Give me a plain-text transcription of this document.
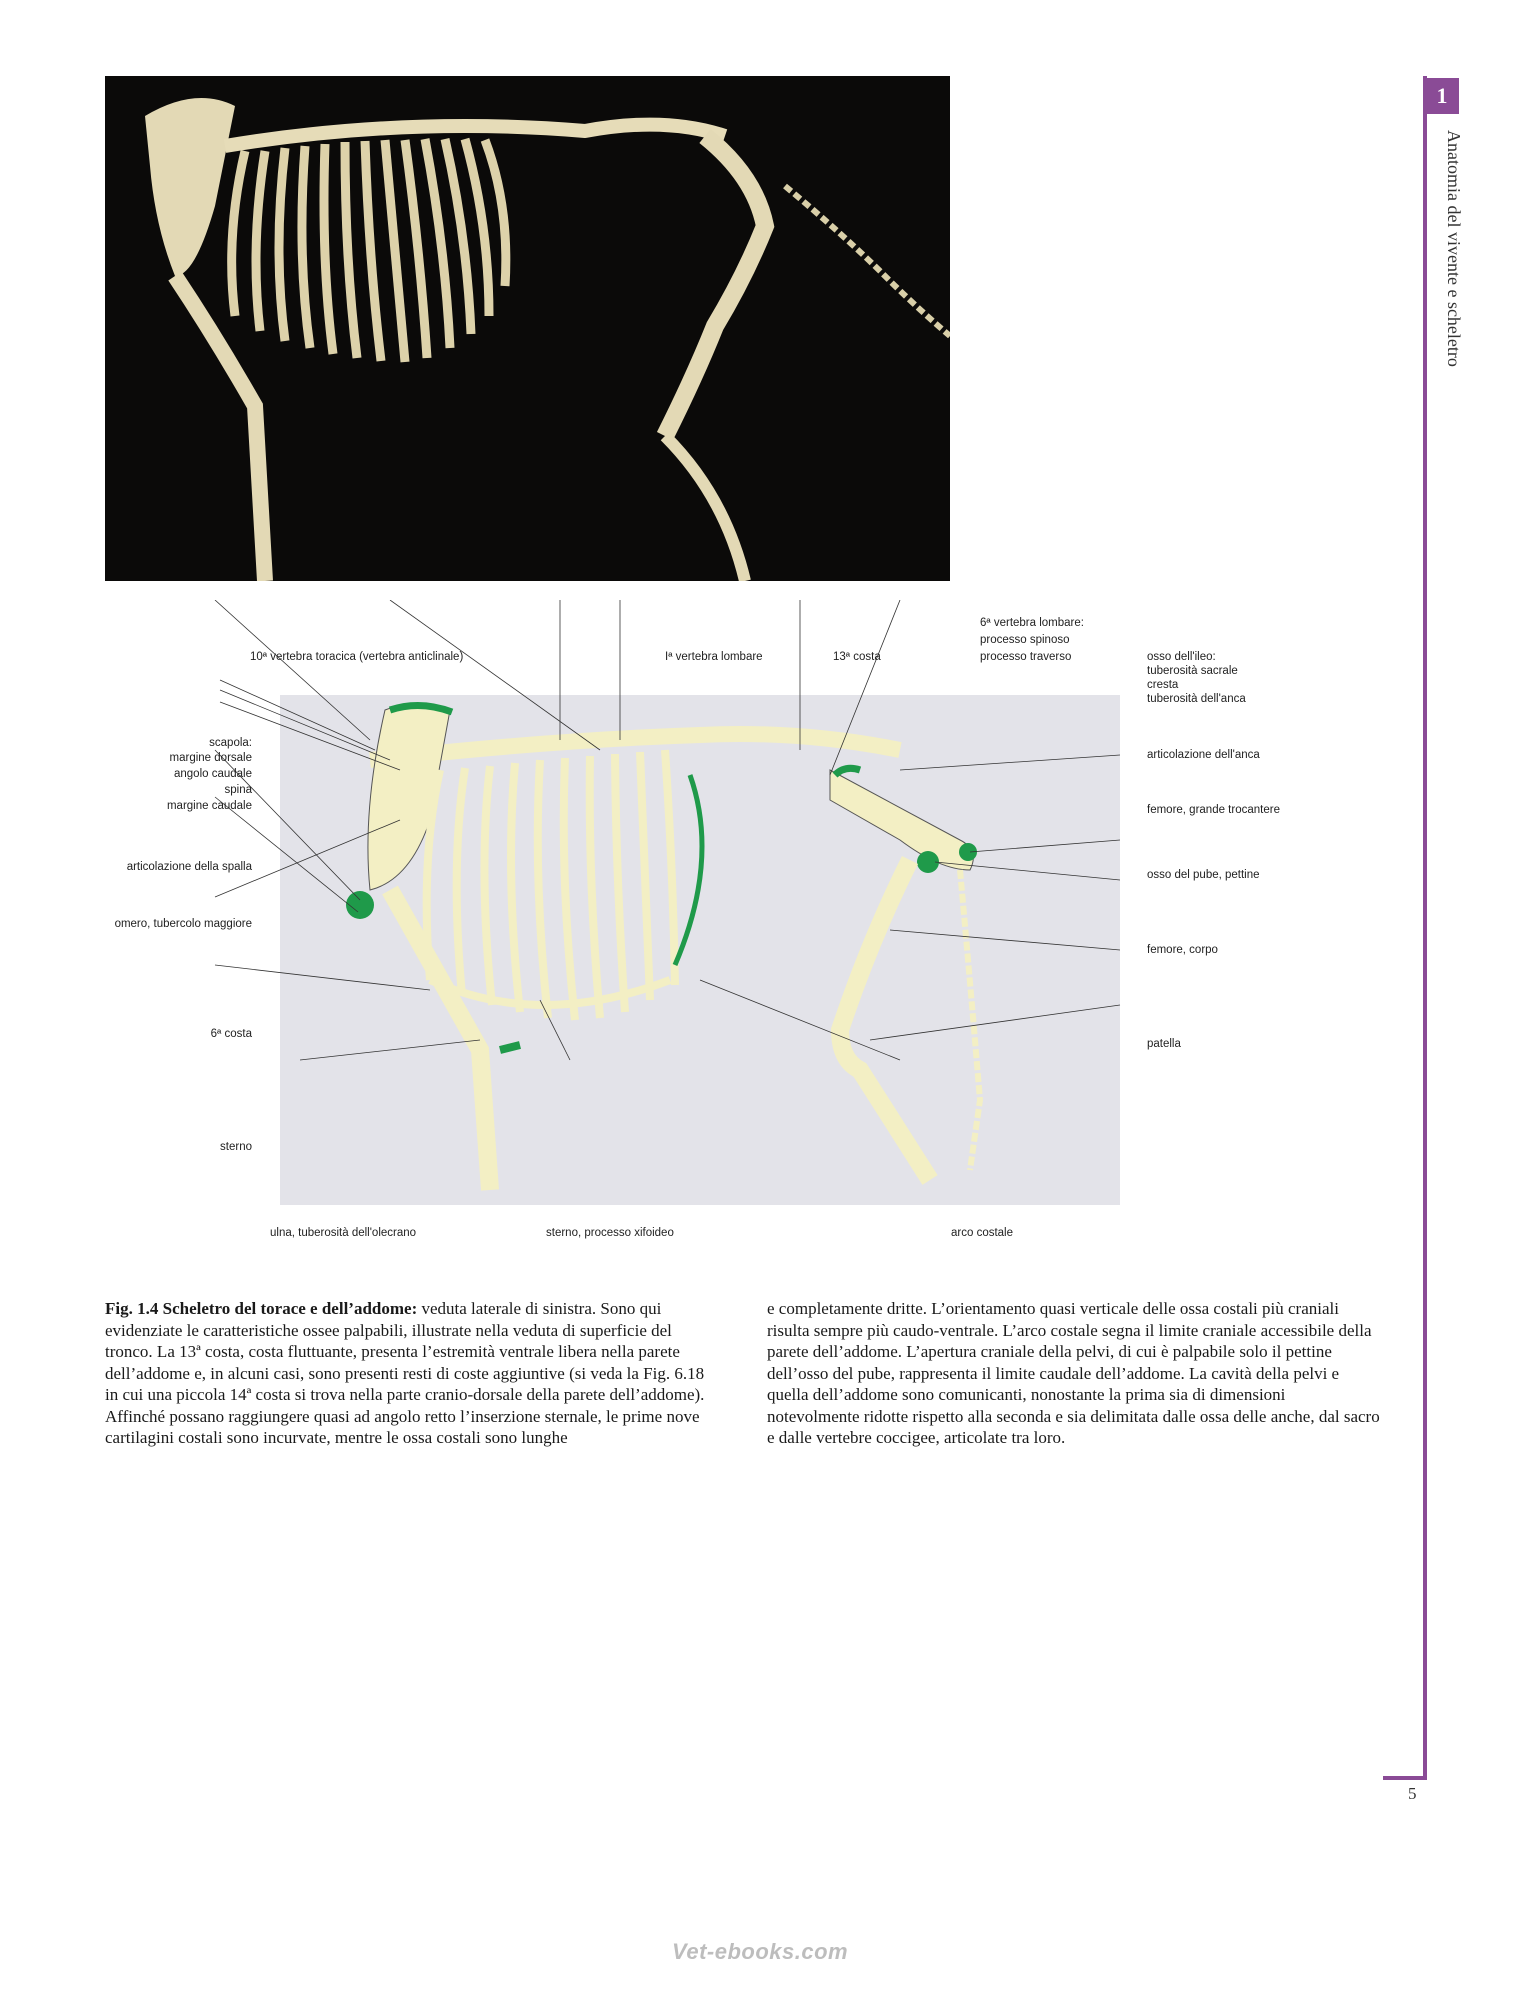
10ª vertebra toracica (vertebra anticlinale)	Iª vertebra lombare	13ª costa
6ª vertebra lombare:
processo spinoso
processo traverso	osso dell'ileo:
tuberosità sacrale
cresta
tuberosità dell'anca
articolazione dell'anca
femore, grande trocantere
osso del pube, pettine
femore, corpo
patella
scapola:
margine dorsale
angolo caudale
spina
margine caudale
articolazione della spalla
omero, tubercolo maggiore
6ª costa
sterno
ulna, tuberosità dell'olecrano	sterno, processo xifoideo	arco costale
Fig. 1.4 Scheletro del torace e dell’addome: veduta laterale di sinistra. Sono qui evidenziate le caratteristiche ossee palpabili, illustrate nella veduta di superficie del tronco. La 13ª costa, costa fluttuante, presenta l’estremità ventrale libera nella parete dell’addome e, in alcuni casi, sono presenti resti di coste aggiuntive (si veda la Fig. 6.18 in cui una piccola 14ª costa si trova nella parte cranio-dorsale della parete dell’addome). Affinché possano raggiungere quasi ad angolo retto l’inserzione sternale, le prime nove cartilagini costali sono incurvate, mentre le ossa costali sono lunghe
e completamente dritte. L’orientamento quasi verticale delle ossa costali più craniali risulta sempre più caudo-ventrale. L’arco costale segna il limite craniale accessibile della parete dell’addome. L’apertura craniale della pelvi, di cui è palpabile solo il pettine dell’osso del pube, rappresenta il limite caudale dell’addome. La cavità della pelvi e quella dell’addome sono comunicanti, nonostante la prima sia di dimensioni notevolmente ridotte rispetto alla seconda e sia delimitata dalle ossa delle anche, dal sacro e dalle vertebre coccigee, articolate tra loro.
1
Anatomia del vivente e scheletro
5
Vet-ebooks.com
